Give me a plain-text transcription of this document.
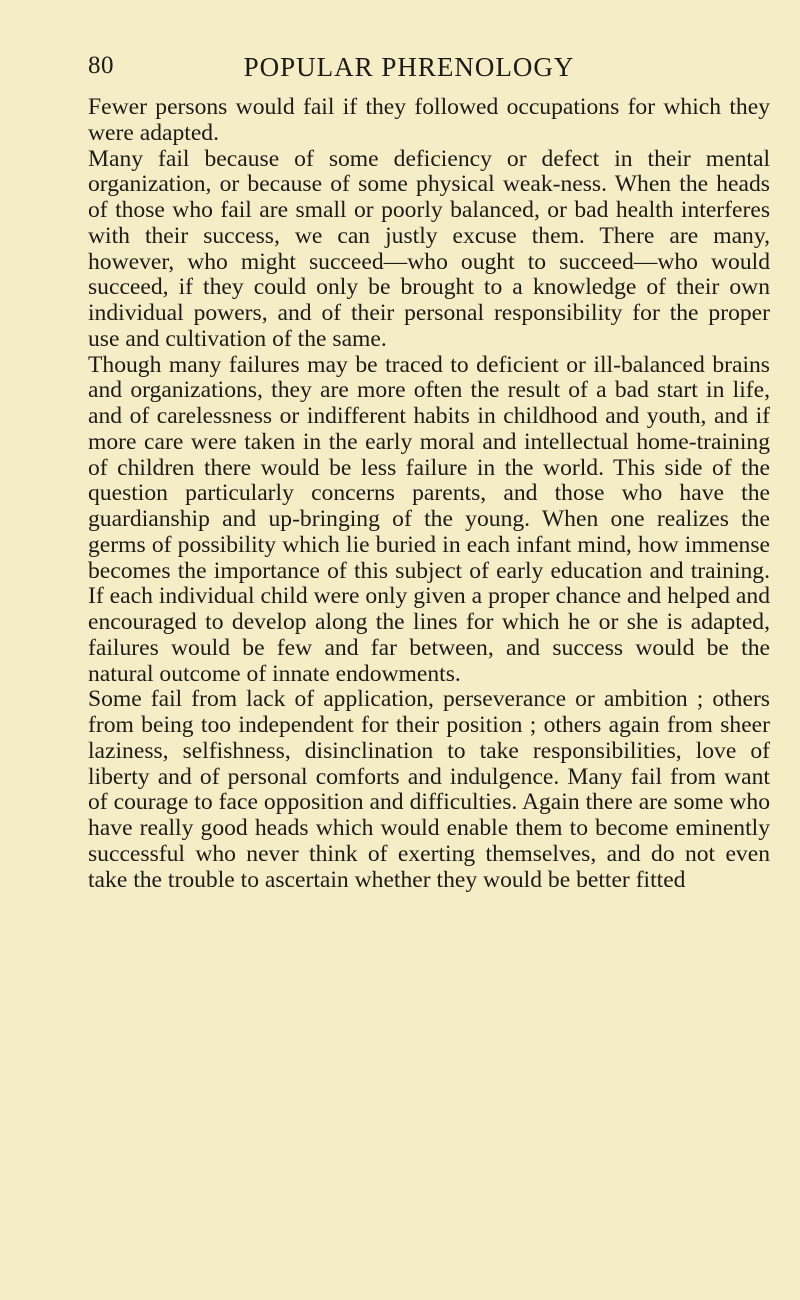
80	POPULAR PHRENOLOGY

Fewer persons would fail if they followed occupations for which they were adapted.

Many fail because of some deficiency or defect in their mental organization, or because of some physical weak-ness. When the heads of those who fail are small or poorly balanced, or bad health interferes with their success, we can justly excuse them. There are many, however, who might succeed—who ought to succeed—who would succeed, if they could only be brought to a knowledge of their own individual powers, and of their personal responsibility for the proper use and cultivation of the same.

Though many failures may be traced to deficient or ill-balanced brains and organizations, they are more often the result of a bad start in life, and of carelessness or indifferent habits in childhood and youth, and if more care were taken in the early moral and intellectual home-training of children there would be less failure in the world. This side of the question particularly concerns parents, and those who have the guardianship and up-bringing of the young. When one realizes the germs of possibility which lie buried in each infant mind, how immense becomes the importance of this subject of early education and training. If each individual child were only given a proper chance and helped and encouraged to develop along the lines for which he or she is adapted, failures would be few and far between, and success would be the natural outcome of innate endowments.

Some fail from lack of application, perseverance or ambition ; others from being too independent for their position ; others again from sheer laziness, selfishness, disinclination to take responsibilities, love of liberty and of personal comforts and indulgence. Many fail from want of courage to face opposition and difficulties. Again there are some who have really good heads which would enable them to become eminently successful who never think of exerting themselves, and do not even take the trouble to ascertain whether they would be better fitted
